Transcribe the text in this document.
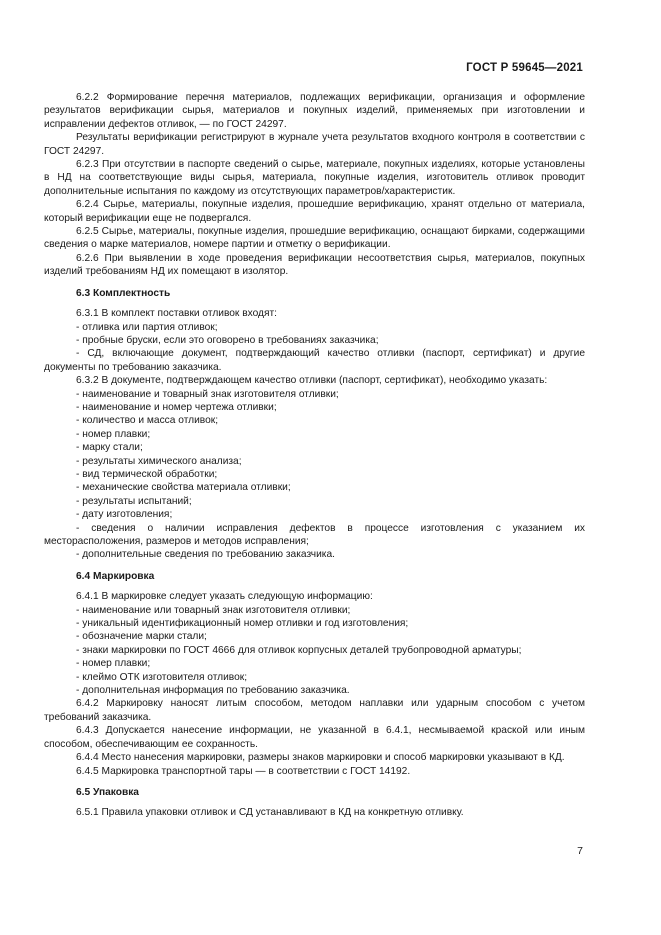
ГОСТ Р 59645—2021

6.2.2 Формирование перечня материалов, подлежащих верификации, организация и оформление результатов верификации сырья, материалов и покупных изделий, применяемых при изготовлении и исправлении дефектов отливок, — по ГОСТ 24297.

Результаты верификации регистрируют в журнале учета результатов входного контроля в соответствии с ГОСТ 24297.

6.2.3 При отсутствии в паспорте сведений о сырье, материале, покупных изделиях, которые установлены в НД на соответствующие виды сырья, материала, покупные изделия, изготовитель отливок проводит дополнительные испытания по каждому из отсутствующих параметров/характеристик.

6.2.4 Сырье, материалы, покупные изделия, прошедшие верификацию, хранят отдельно от материала, который верификации еще не подвергался.

6.2.5 Сырье, материалы, покупные изделия, прошедшие верификацию, оснащают бирками, содержащими сведения о марке материалов, номере партии и отметку о верификации.

6.2.6 При выявлении в ходе проведения верификации несоответствия сырья, материалов, покупных изделий требованиям НД их помещают в изолятор.

6.3 Комплектность

6.3.1 В комплект поставки отливок входят:

- отливка или партия отливок;

- пробные бруски, если это оговорено в требованиях заказчика;

- СД, включающие документ, подтверждающий качество отливки (паспорт, сертификат) и другие документы по требованию заказчика.

6.3.2 В документе, подтверждающем качество отливки (паспорт, сертификат), необходимо указать:

- наименование и товарный знак изготовителя отливки;

- наименование и номер чертежа отливки;

- количество и массa отливок;

- номер плавки;

- марку стали;

- результаты химического анализа;

- вид термической обработки;

- механические свойства материала отливки;

- результаты испытаний;

- дату изготовления;

- сведения о наличии исправления дефектов в процессе изготовления с указанием их месторасположения, размеров и методов исправления;

- дополнительные сведения по требованию заказчика.

6.4 Маркировка

6.4.1 В маркировке следует указать следующую информацию:

- наименование или товарный знак изготовителя отливки;

- уникальный идентификационный номер отливки и год изготовления;

- обозначение марки стали;

- знаки маркировки по ГОСТ 4666 для отливок корпусных деталей трубопроводной арматуры;

- номер плавки;

- клеймо ОТК изготовителя отливок;

- дополнительная информация по требованию заказчика.

6.4.2 Маркировку наносят литым способом, методом наплавки или ударным способом с учетом требований заказчика.

6.4.3 Допускается нанесение информации, не указанной в 6.4.1, несмываемой краской или иным способом, обеспечивающим ее сохранность.

6.4.4 Место нанесения маркировки, размеры знаков маркировки и способ маркировки указывают в КД.

6.4.5 Маркировка транспортной тары — в соответствии с ГОСТ 14192.

6.5 Упаковка

6.5.1 Правила упаковки отливок и СД устанавливают в КД на конкретную отливку.

7
